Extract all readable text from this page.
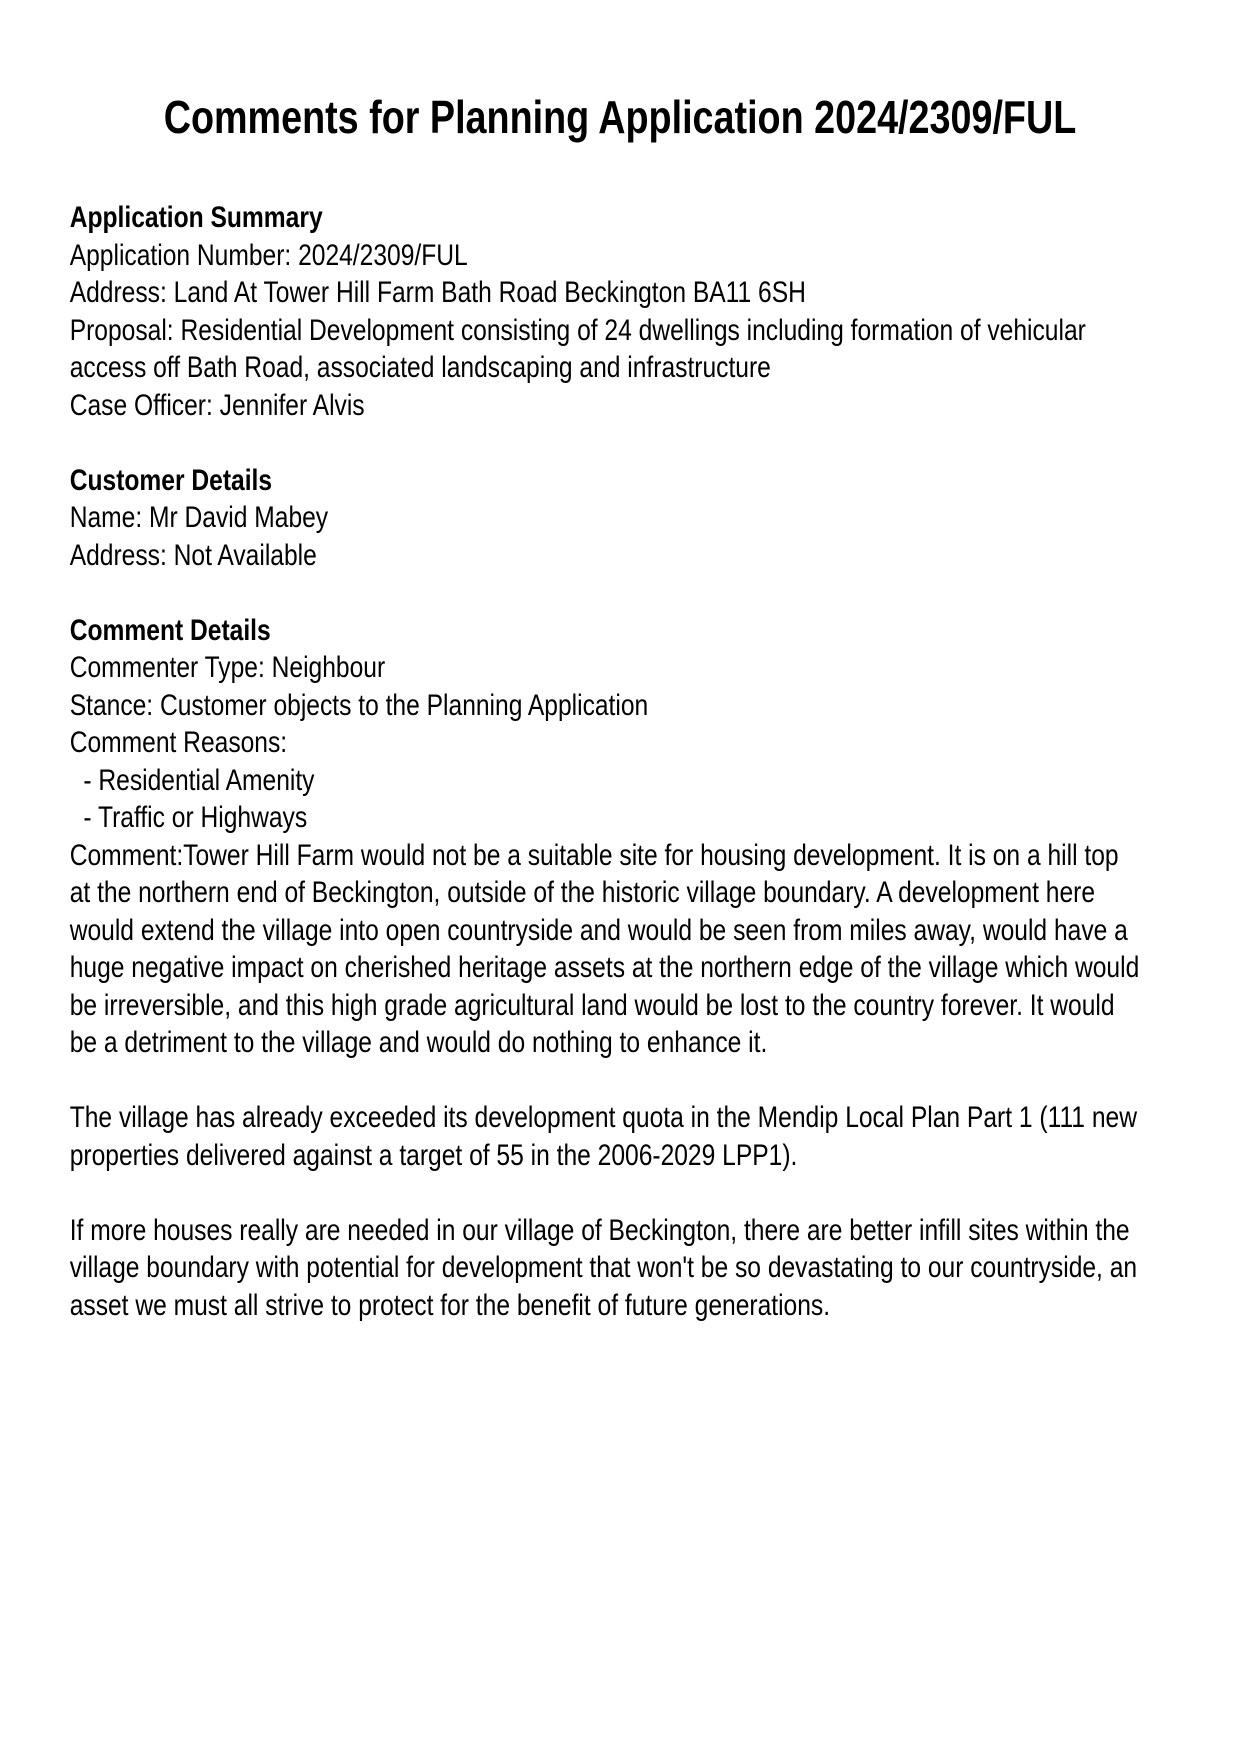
Comments for Planning Application 2024/2309/FUL
Application Summary
Application Number: 2024/2309/FUL
Address: Land At Tower Hill Farm Bath Road Beckington BA11 6SH
Proposal: Residential Development consisting of 24 dwellings including formation of vehicular
access off Bath Road, associated landscaping and infrastructure
Case Officer: Jennifer Alvis
Customer Details
Name: Mr David Mabey
Address: Not Available
Comment Details
Commenter Type: Neighbour
Stance: Customer objects to the Planning Application
Comment Reasons:
- Residential Amenity
- Traffic or Highways
Comment:Tower Hill Farm would not be a suitable site for housing development. It is on a hill top
at the northern end of Beckington, outside of the historic village boundary. A development here
would extend the village into open countryside and would be seen from miles away, would have a
huge negative impact on cherished heritage assets at the northern edge of the village which would
be irreversible, and this high grade agricultural land would be lost to the country forever. It would
be a detriment to the village and would do nothing to enhance it.
The village has already exceeded its development quota in the Mendip Local Plan Part 1 (111 new
properties delivered against a target of 55 in the 2006-2029 LPP1).
If more houses really are needed in our village of Beckington, there are better infill sites within the
village boundary with potential for development that won't be so devastating to our countryside, an
asset we must all strive to protect for the benefit of future generations.
